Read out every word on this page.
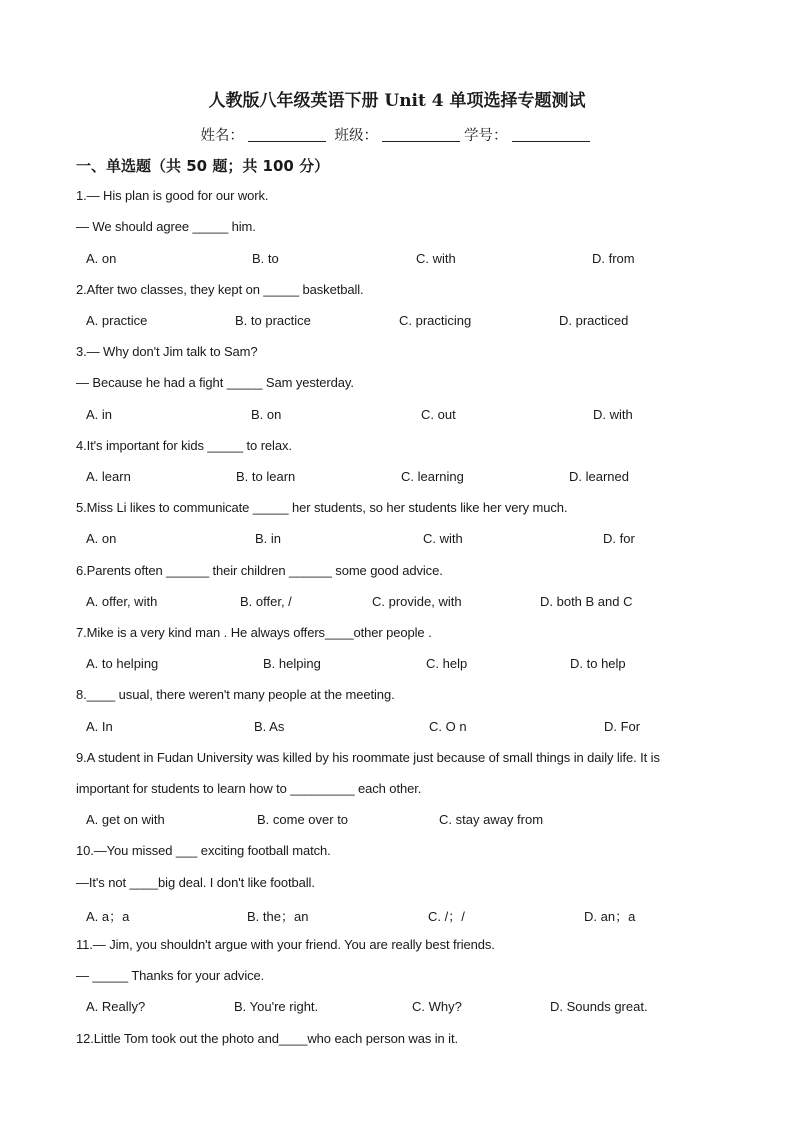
人教版八年级英语下册 Unit 4 单项选择专题测试
姓名：	班级：	学号：
一、单选题（共 50 题；共 100 分）
1.— His plan is good for our work.
— We should agree _____ him.
A. on	B. to	C. with	D. from
2.After two classes, they kept on _____ basketball.
A. practice	B. to practice	C. practicing	D. practiced
3.— Why don't Jim talk to Sam?
— Because he had a fight _____ Sam yesterday.
A. in	B. on	C. out	D. with
4.It's important for kids _____ to relax.
A. learn	B. to learn	C. learning	D. learned
5.Miss Li likes to communicate _____ her students, so her students like her very much.
A. on	B. in	C. with	D. for
6.Parents often ______ their children ______ some good advice.
A. offer, with	B. offer, /	C. provide, with	D. both B and C
7.Mike is a very kind man . He always offers____other people .
A. to helping	B. helping	C. help	D. to help
8.____ usual, there weren't many people at the meeting.
A. In	B. As	C. O n	D. For
9.A student in Fudan University was killed by his roommate just because of small things in daily life. It is
important for students to learn how to _________ each other.
A. get on with	B. come over to	C. stay away from
10.—You missed ___ exciting football match.
—It's not ____big deal. I don't like football.
A. a；a	B. the；an	C. /；/	D. an；a
11.— Jim, you shouldn't argue with your friend. You are really best friends.
— _____ Thanks for your advice.
A. Really?	B. You're right.	C. Why?	D. Sounds great.
12.Little Tom took out the photo and____who each person was in it.
